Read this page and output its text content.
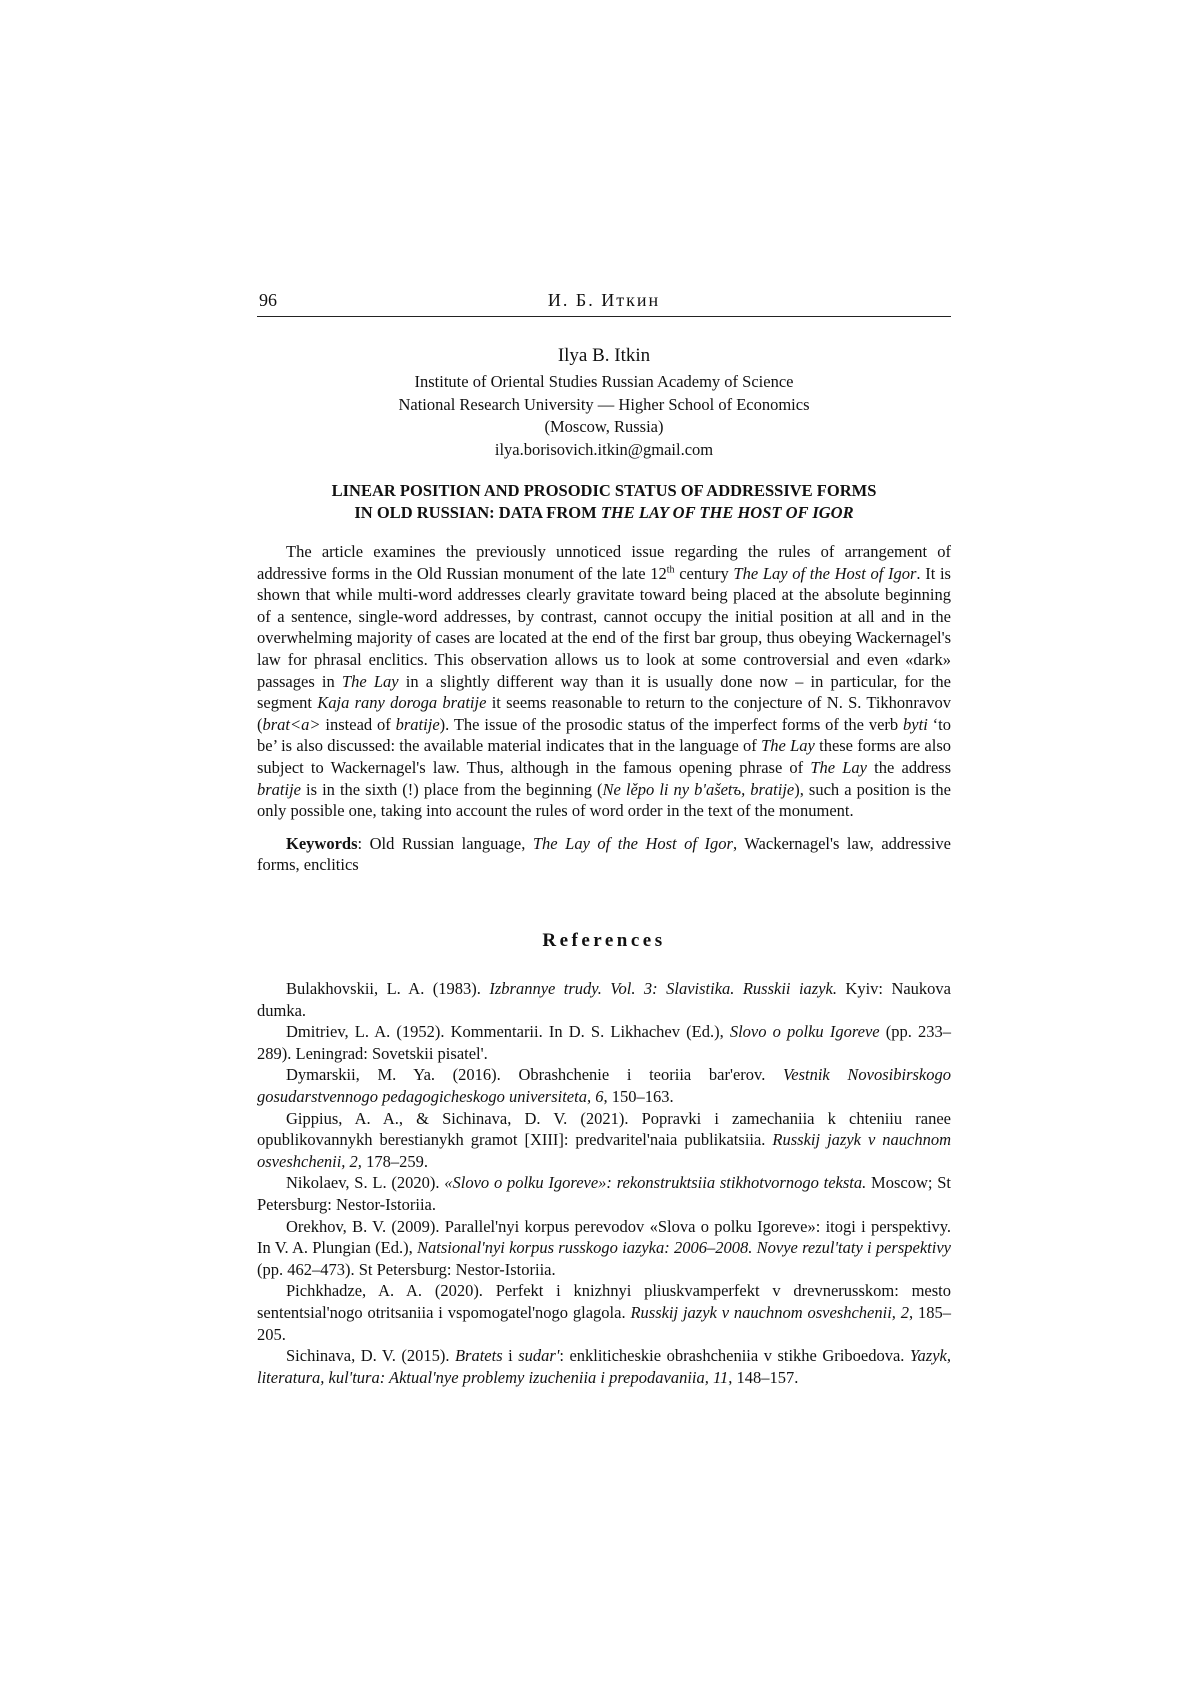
96	И. Б. Иткин
Ilya B. Itkin
Institute of Oriental Studies Russian Academy of Science
National Research University — Higher School of Economics
(Moscow, Russia)
ilya.borisovich.itkin@gmail.com
LINEAR POSITION AND PROSODIC STATUS OF ADDRESSIVE FORMS
IN OLD RUSSIAN: DATA FROM THE LAY OF THE HOST OF IGOR

The article examines the previously unnoticed issue regarding the rules of arrangement of addressive forms in the Old Russian monument of the late 12th century The Lay of the Host of Igor. It is shown that while multi-word addresses clearly gravitate toward being placed at the absolute beginning of a sentence, single-word addresses, by contrast, cannot occupy the initial position at all and in the overwhelming majority of cases are located at the end of the first bar group, thus obeying Wackernagel's law for phrasal enclitics. This observation allows us to look at some controversial and even «dark» passages in The Lay in a slightly different way than it is usually done now – in particular, for the segment Kaja rany doroga bratije it seems reasonable to return to the conjecture of N. S. Tikhonravov (brat<a> instead of bratije). The issue of the prosodic status of the imperfect forms of the verb byti ‘to be’ is also discussed: the available material indicates that in the language of The Lay these forms are also subject to Wackernagel's law. Thus, although in the famous opening phrase of The Lay the address bratije is in the sixth (!) place from the beginning (Ne lěpo li ny b'ašetъ, bratije), such a position is the only possible one, taking into account the rules of word order in the text of the monument.

Keywords: Old Russian language, The Lay of the Host of Igor, Wackernagel's law, addressive forms, enclitics

References

Bulakhovskii, L. A. (1983). Izbrannye trudy. Vol. 3: Slavistika. Russkii iazyk. Kyiv: Naukova dumka.

Dmitriev, L. A. (1952). Kommentarii. In D. S. Likhachev (Ed.), Slovo o polku Igoreve (pp. 233–289). Leningrad: Sovetskii pisatel'.

Dymarskii, M. Ya. (2016). Obrashchenie i teoriia bar'erov. Vestnik Novosibirskogo gosudarstvennogo pedagogicheskogo universiteta, 6, 150–163.

Gippius, A. A., & Sichinava, D. V. (2021). Popravki i zamechaniia k chteniiu ranee opublikovannykh berestianykh gramot [XIII]: predvaritel'naia publikatsiia. Russkij jazyk v nauchnom osveshchenii, 2, 178–259.

Nikolaev, S. L. (2020). «Slovo o polku Igoreve»: rekonstruktsiia stikhotvornogo teksta. Moscow; St Petersburg: Nestor-Istoriia.

Orekhov, B. V. (2009). Parallel'nyi korpus perevodov «Slova o polku Igoreve»: itogi i perspektivy. In V. A. Plungian (Ed.), Natsional'nyi korpus russkogo iazyka: 2006–2008. Novye rezul'taty i perspektivy (pp. 462–473). St Petersburg: Nestor-Istoriia.

Pichkhadze, A. A. (2020). Perfekt i knizhnyi pliuskvamperfekt v drevnerusskom: mesto sententsial'nogo otritsaniia i vspomogatel'nogo glagola. Russkij jazyk v nauchnom osveshchenii, 2, 185–205.

Sichinava, D. V. (2015). Bratets i sudar': enkliticheskie obrashcheniia v stikhe Griboedova. Yazyk, literatura, kul'tura: Aktual'nye problemy izucheniia i prepodavaniia, 11, 148–157.
